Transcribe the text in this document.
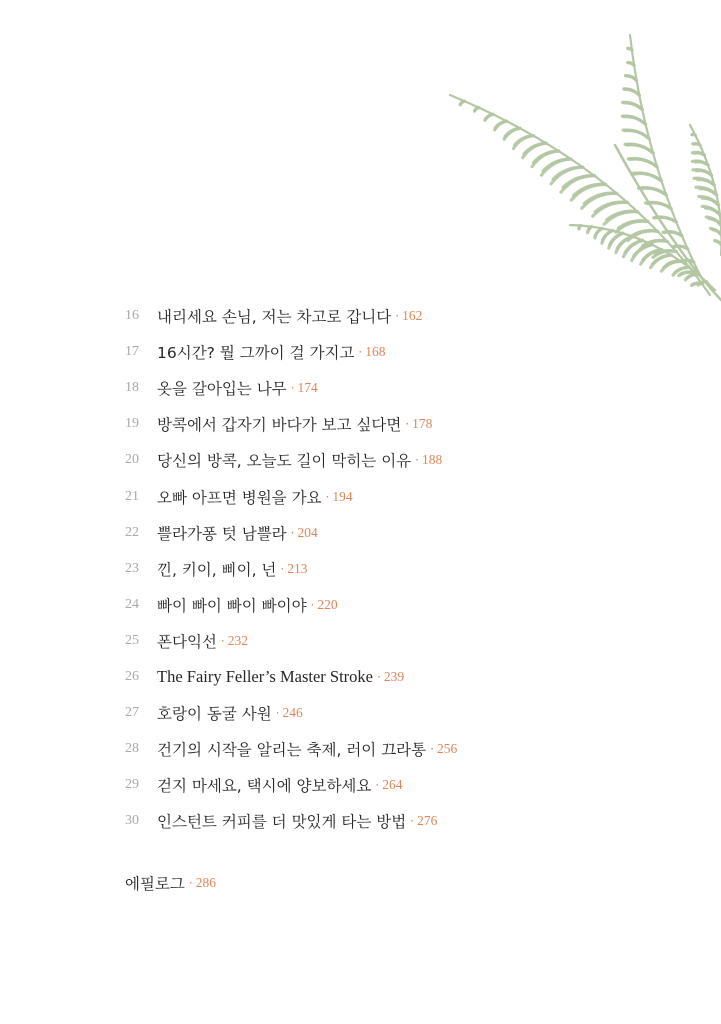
16	내리세요 손님, 저는 차고로 갑니다 · 162
17	16시간? 뭘 그까이 걸 가지고 · 168
18	옷을 갈아입는 나무 · 174
19	방콕에서 갑자기 바다가 보고 싶다면 · 178
20	당신의 방콕, 오늘도 길이 막히는 이유 · 188
21	오빠 아프면 병원을 가요 · 194
22	쁠라가퐁 텃 남쁠라 · 204
23	낀, 키이, 삐이, 넌 · 213
24	빠이 빠이 빠이 빠이야 · 220
25	폰다익선 · 232
26	The Fairy Feller’s Master Stroke · 239
27	호랑이 동굴 사원 · 246
28	건기의 시작을 알리는 축제, 러이 끄라통 · 256
29	걷지 마세요, 택시에 양보하세요 · 264
30	인스턴트 커피를 더 맛있게 타는 방법 · 276
에필로그 · 286
